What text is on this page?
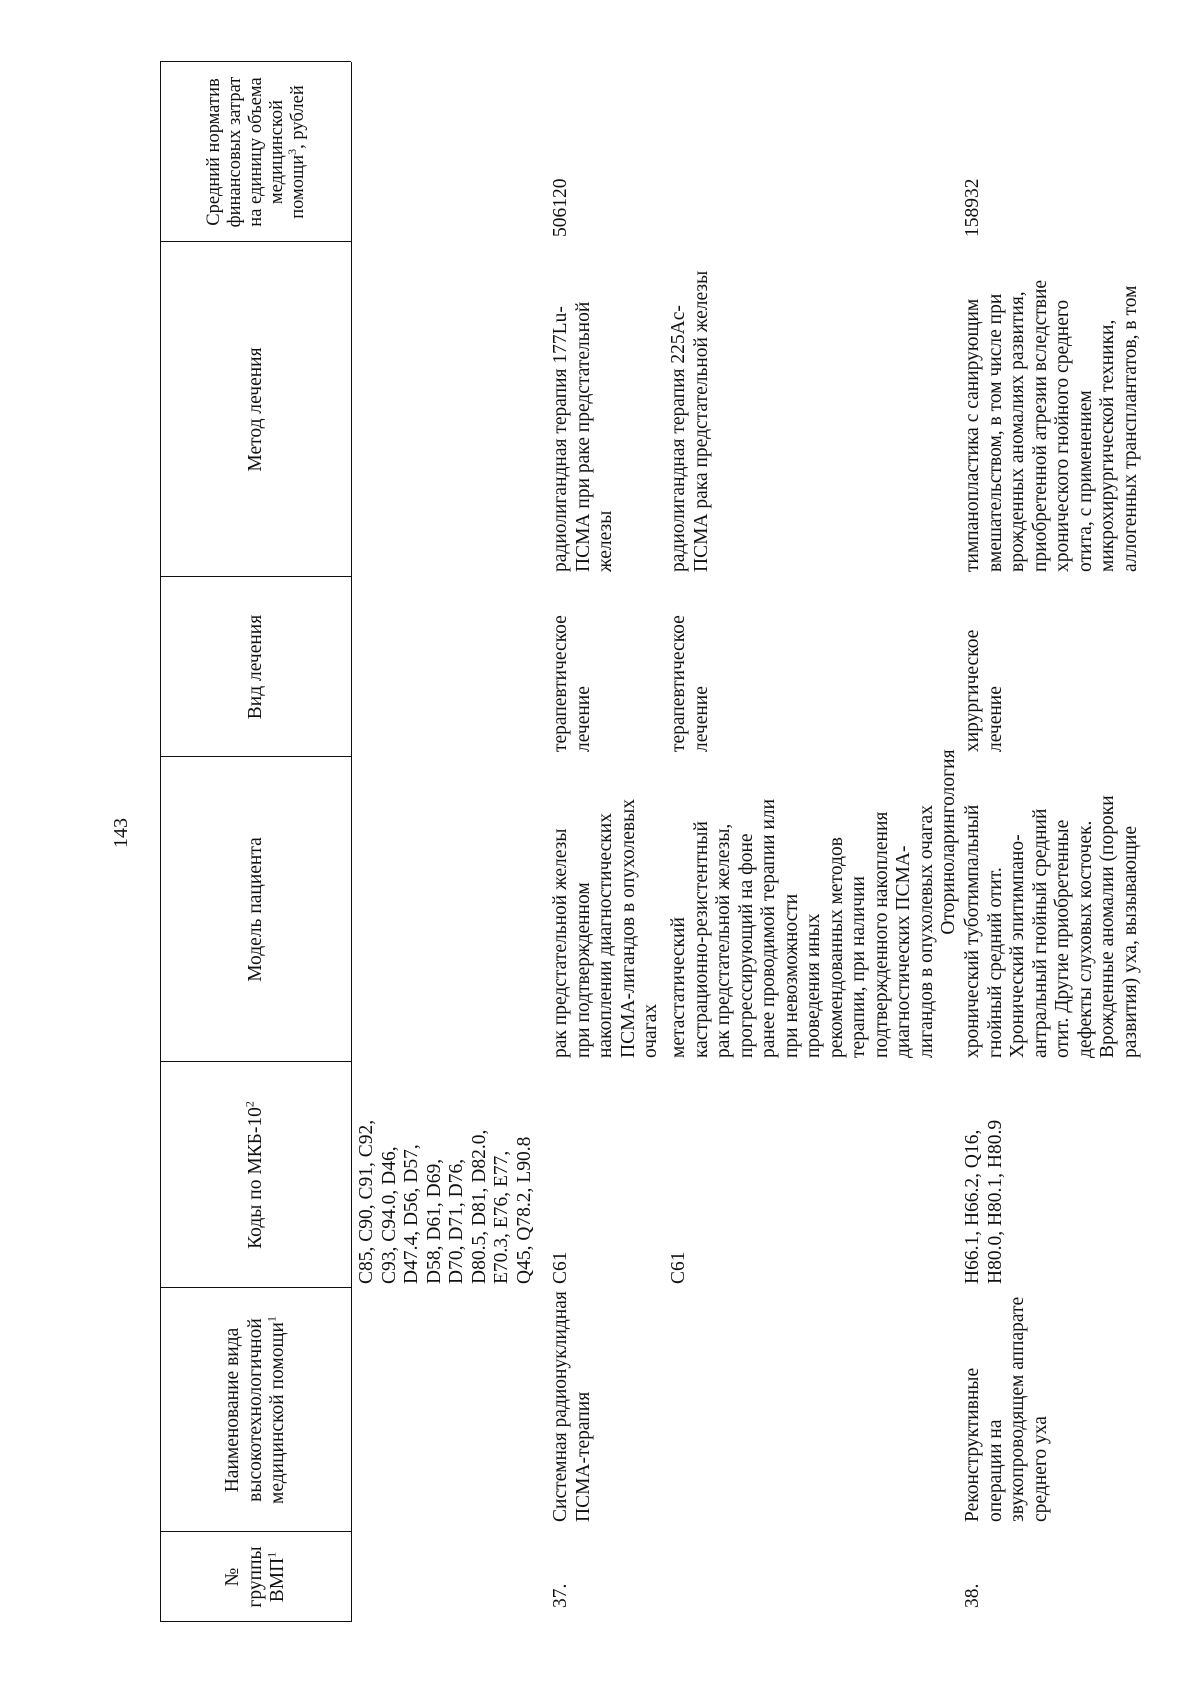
143
№
группы
ВМП$^1$
Наименование вида
высокотехнологичной
медицинской помощи$^1$
Коды по МКБ-$10^2$
Модель пациента
Вид лечения
Метод лечения
Средний норматив
финансовых затрат
на единицу объема
медицинской
помощи$^3$, рублей
C85, C90, C91, C92,
C93, C94.0, D46,
D47.4, D56, D57,
D58, D61, D69,
D70, D71, D76,
D80.5, D81, D82.0,
E70.3, E76, E77,
Q45, Q78.2, L90.8
37.
Системная радионуклидная
ПСМА-терапия
C61
рак предстательной железы
при подтвержденном
накоплении диагностических
ПСМА-лигандов в опухолевых
очагах
терапевтическое
лечение
радиолигандная терапия 177Lu-
ПСМА при раке предстательной
железы
506120
C61
метастатический
кастрационно-резистентный
рак предстательной железы,
прогрессирующий на фоне
ранее проводимой терапии или
при невозможности
проведения иных
рекомендованных методов
терапии, при наличии
подтвержденного накопления
диагностических ПСМА-
лигандов в опухолевых очагах
терапевтическое
лечение
радиолигандная терапия 225Ac-
ПСМА рака предстательной железы
Оториноларингология
38.
Реконструктивные операции на
звукопроводящем аппарате
среднего уха
H66.1, H66.2, Q16,
H80.0, H80.1, H80.9
хронический туботимпальный
гнойный средний отит.
Хронический эпитимпано-
антральный гнойный средний
отит. Другие приобретенные
дефекты слуховых косточек.
Врожденные аномалии (пороки
развития) уха, вызывающие
хирургическое
лечение
тимпанопластика с санирующим
вмешательством, в том числе при
врожденных аномалиях развития,
приобретенной атрезии вследствие
хронического гнойного среднего
отита, с применением
микрохирургической техники,
аллогенных трансплантатов, в том
158932
